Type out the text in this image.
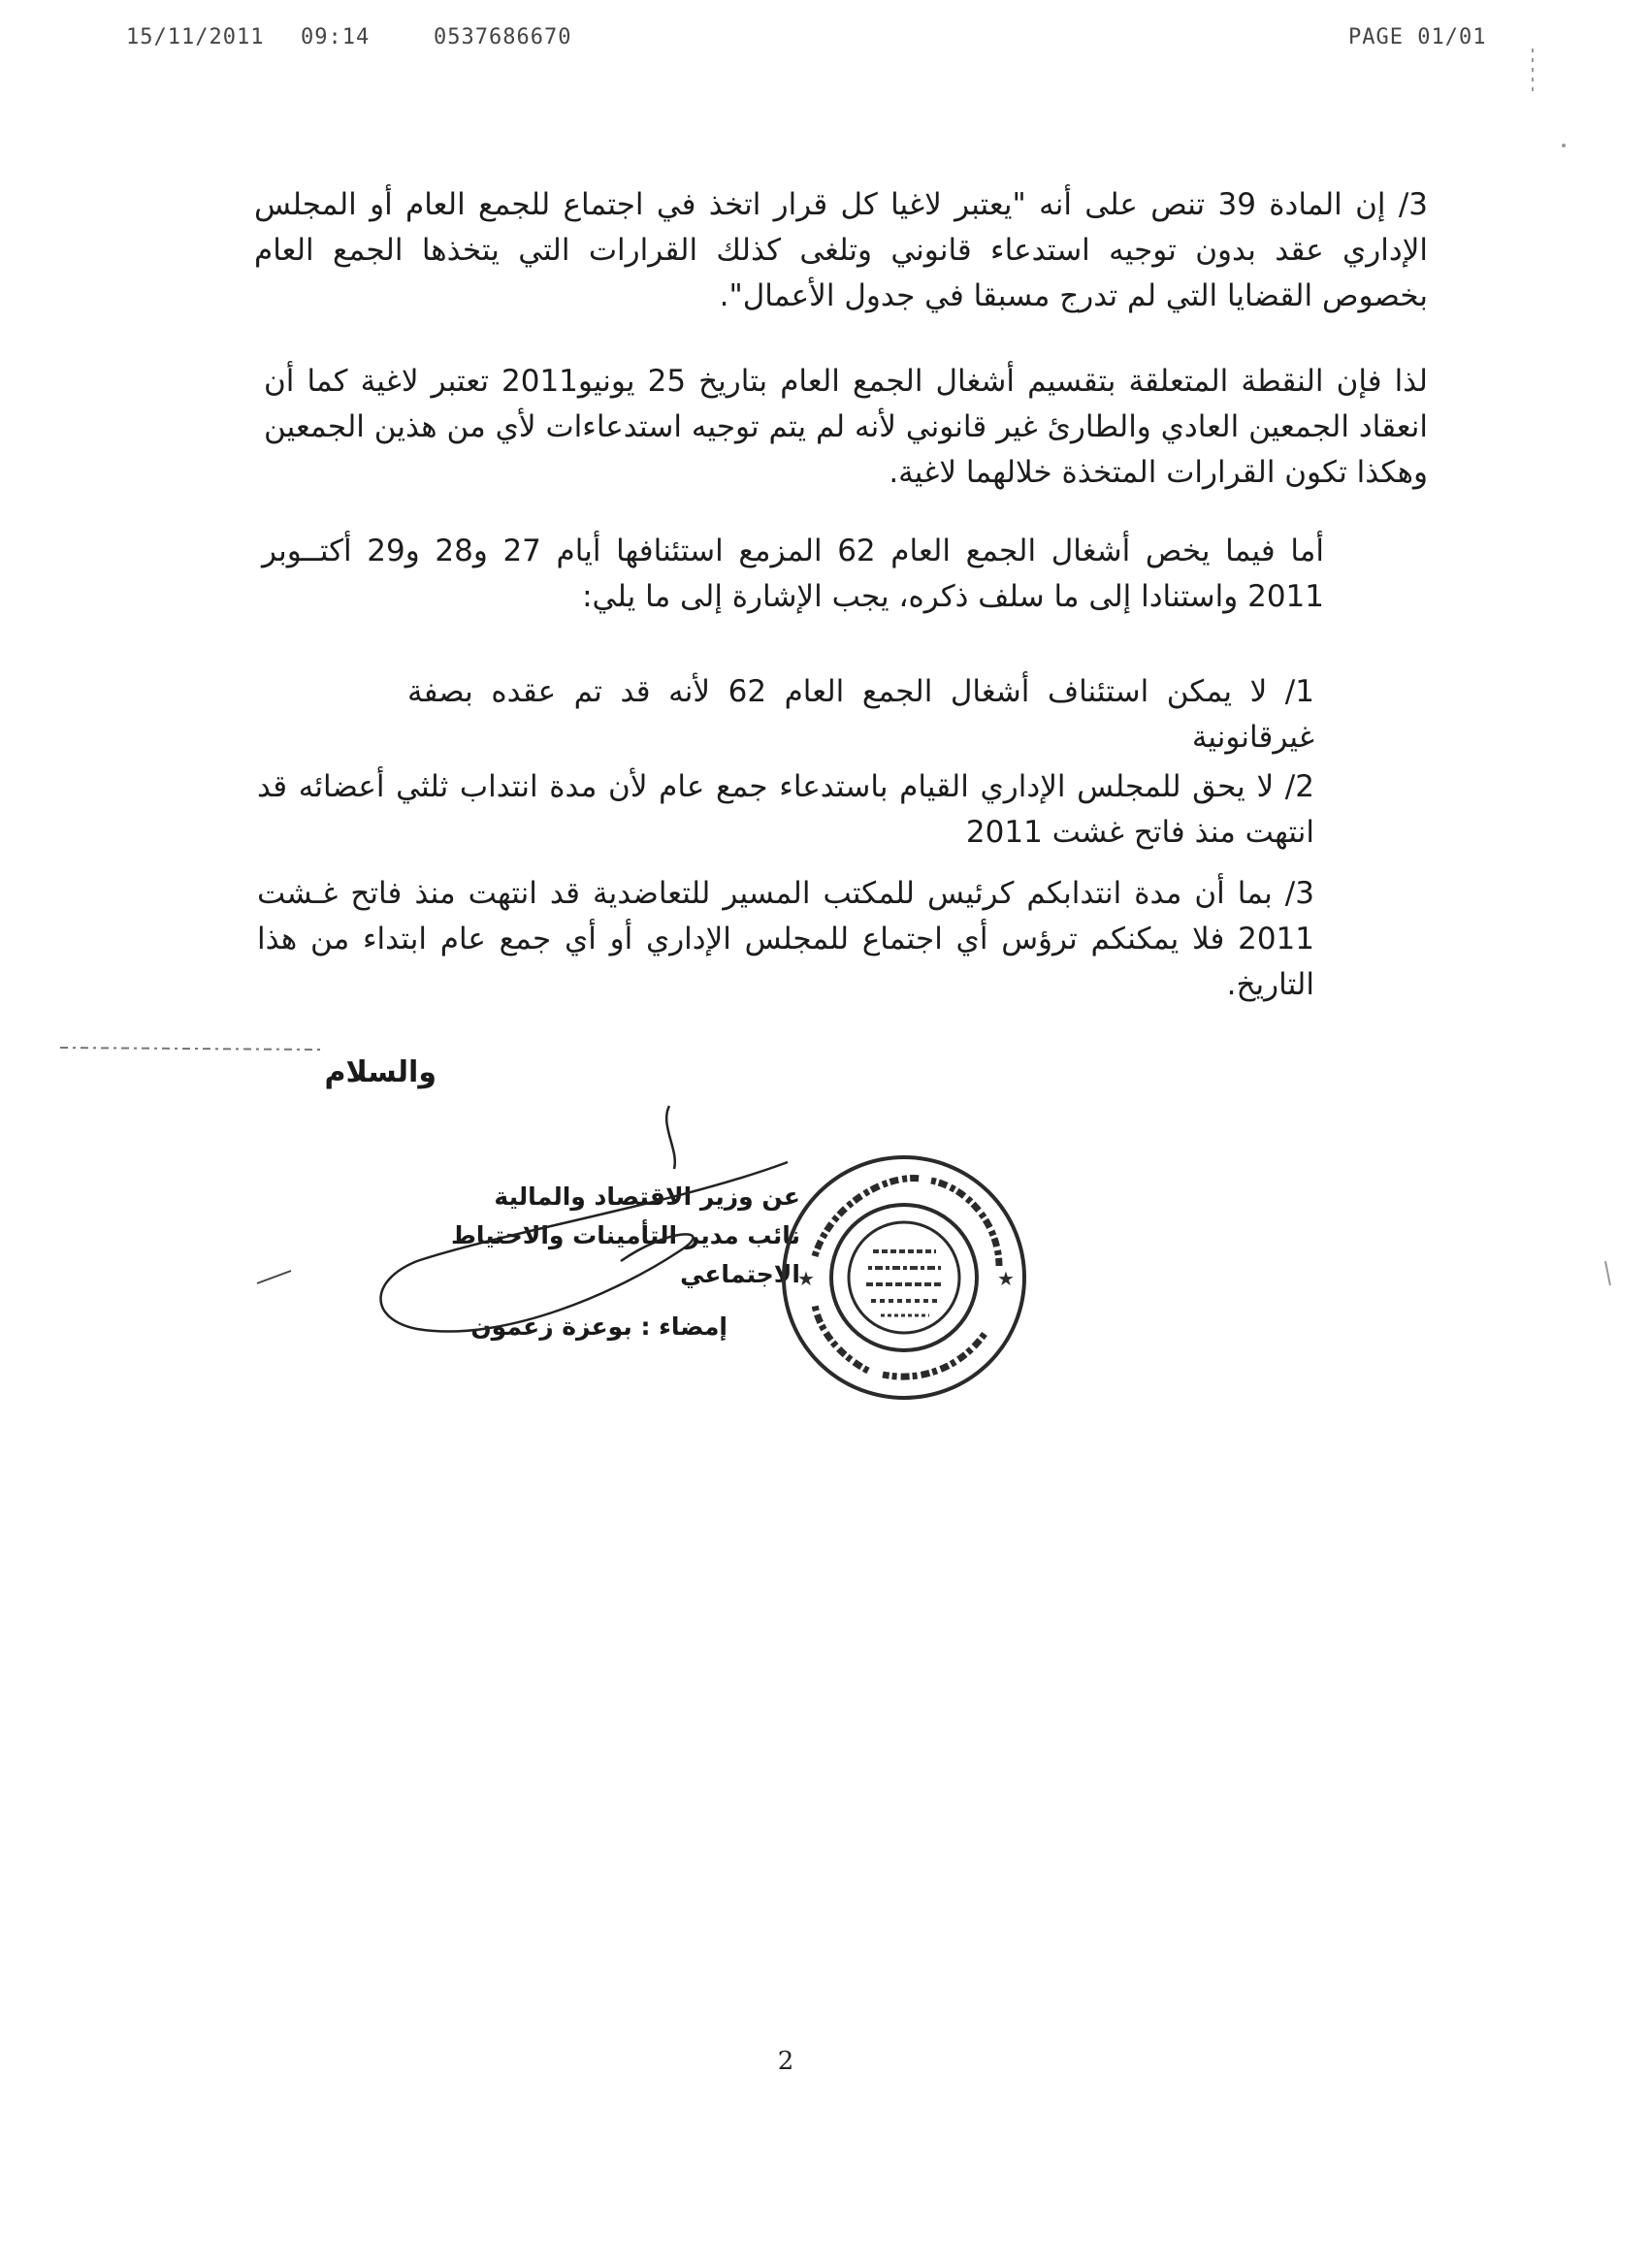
15/11/2011 09:14	0537686670	PAGE 01/01

3/ إن المادة 39 تنص على أنه "يعتبر لاغيا كل قرار اتخذ في اجتماع للجمع العام أو المجلس الإداري عقد بدون توجيه استدعاء قانوني وتلغى كذلك القرارات التي يتخذها الجمع العام بخصوص القضايا التي لم تدرج مسبقا في جدول الأعمال".

لذا فإن النقطة المتعلقة بتقسيم أشغال الجمع العام بتاريخ 25 يونيو2011 تعتبر لاغية كما أن انعقاد الجمعين العادي والطارئ غير قانوني لأنه لم يتم توجيه استدعاءات لأي من هذين الجمعين وهكذا تكون القرارات المتخذة خلالهما لاغية.

أما فيما يخص أشغال الجمع العام 62 المزمع استئنافها أيام 27 و28 و29 أكتــوبر 2011 واستنادا إلى ما سلف ذكره، يجب الإشارة إلى ما يلي:

1/ لا يمكن استئناف أشغال الجمع العام 62 لأنه قد تم عقده بصفة غيرقانونية

2/ لا يحق للمجلس الإداري القيام باستدعاء جمع عام لأن مدة انتداب ثلثي أعضائه قد انتهت منذ فاتح غشت 2011

3/ بما أن مدة انتدابكم كرئيس للمكتب المسير للتعاضدية قد انتهت منذ فاتح غـشت 2011 فلا يمكنكم ترؤس أي اجتماع للمجلس الإداري أو أي جمع عام ابتداء من هذا التاريخ.

والسلام
عن وزير الاقتصاد والمالية
نائب مدير التأمينات والاحتياط الاجتماعي
إمضاء : بوعزة زعمون
★	★
2
